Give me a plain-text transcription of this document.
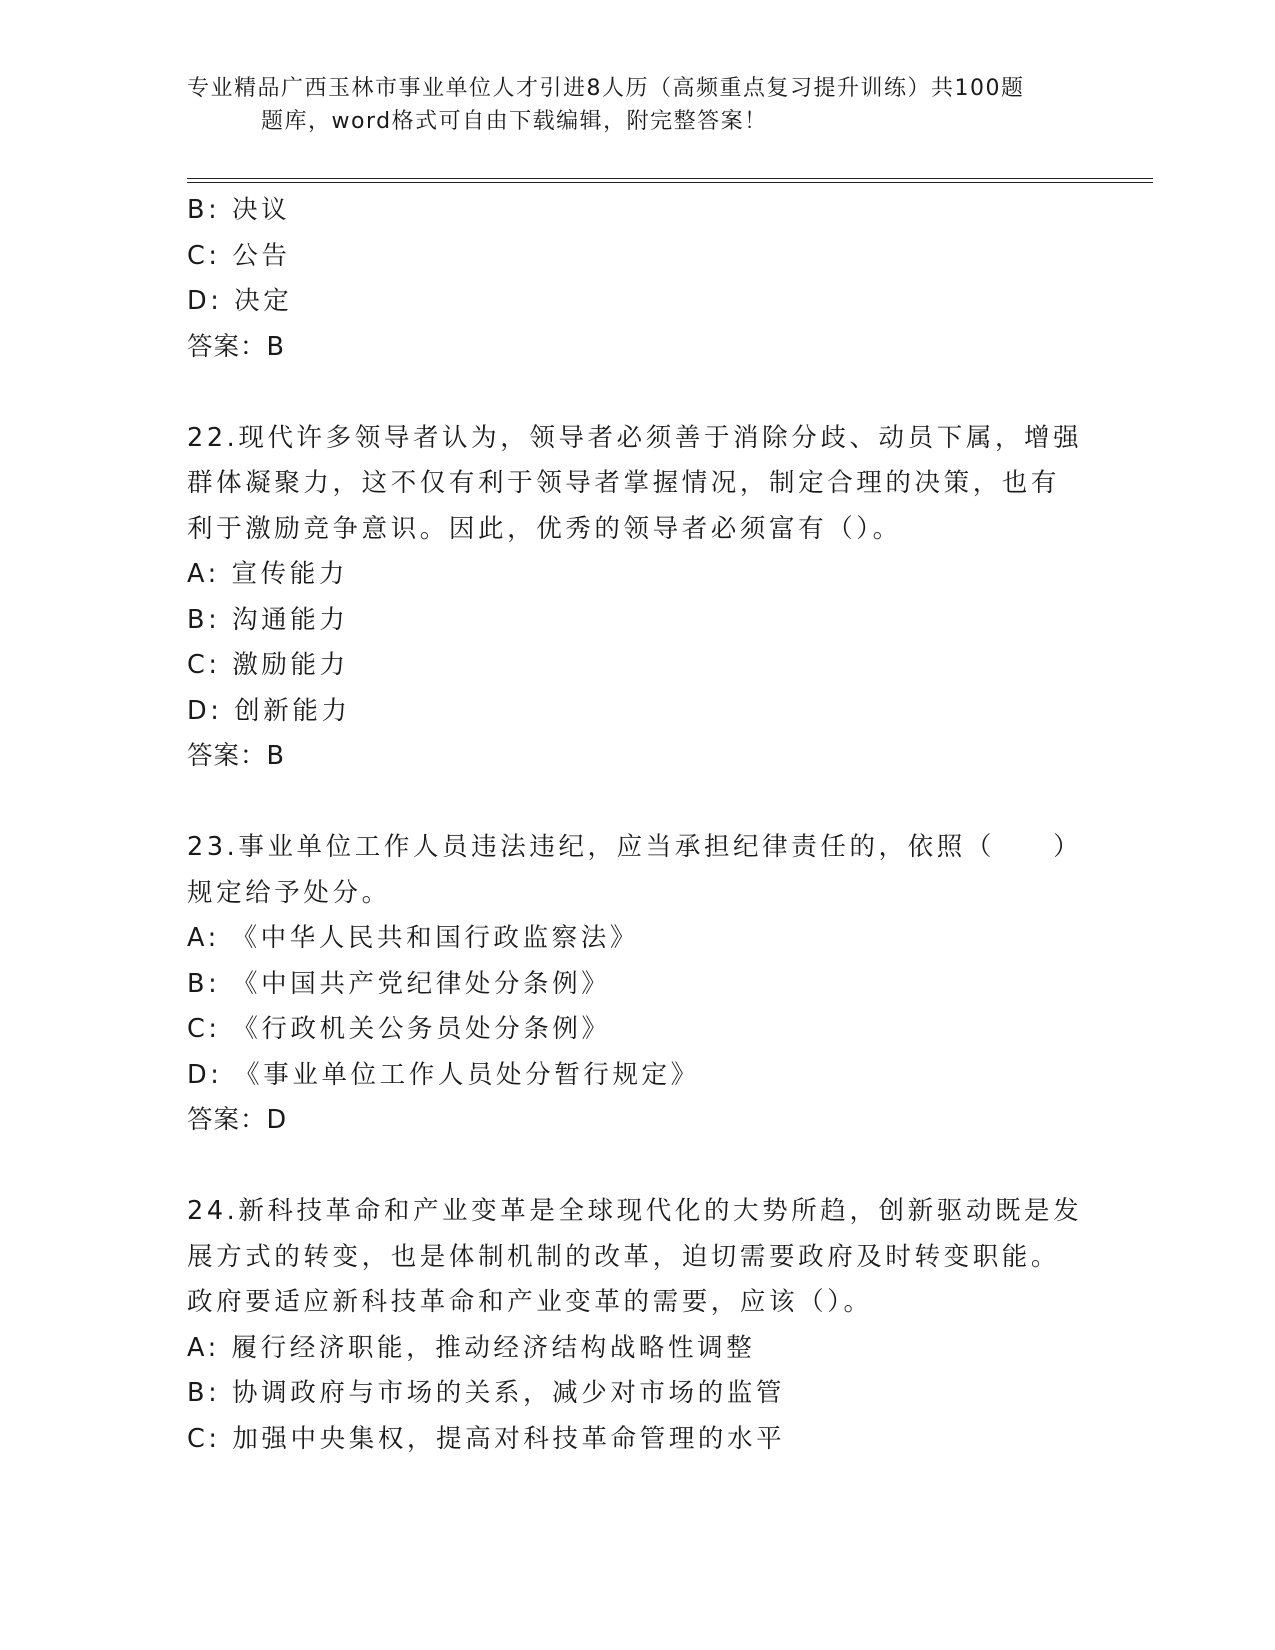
专业精品广西玉林市事业单位人才引进8人历（高频重点复习提升训练）共100题
题库，word格式可自由下载编辑，附完整答案！
B: 决议
C: 公告
D: 决定
答案：B
22.现代许多领导者认为，领导者必须善于消除分歧、动员下属，增强
群体凝聚力，这不仅有利于领导者掌握情况，制定合理的决策，也有
利于激励竞争意识。因此，优秀的领导者必须富有（）。
A: 宣传能力
B: 沟通能力
C: 激励能力
D: 创新能力
答案：B
23.事业单位工作人员违法违纪，应当承担纪律责任的，依照（　　）
规定给予处分。
A: 《中华人民共和国行政监察法》
B: 《中国共产党纪律处分条例》
C: 《行政机关公务员处分条例》
D: 《事业单位工作人员处分暂行规定》
答案：D
24.新科技革命和产业变革是全球现代化的大势所趋，创新驱动既是发
展方式的转变，也是体制机制的改革，迫切需要政府及时转变职能。
政府要适应新科技革命和产业变革的需要，应该（）。
A: 履行经济职能，推动经济结构战略性调整
B: 协调政府与市场的关系，减少对市场的监管
C: 加强中央集权，提高对科技革命管理的水平
